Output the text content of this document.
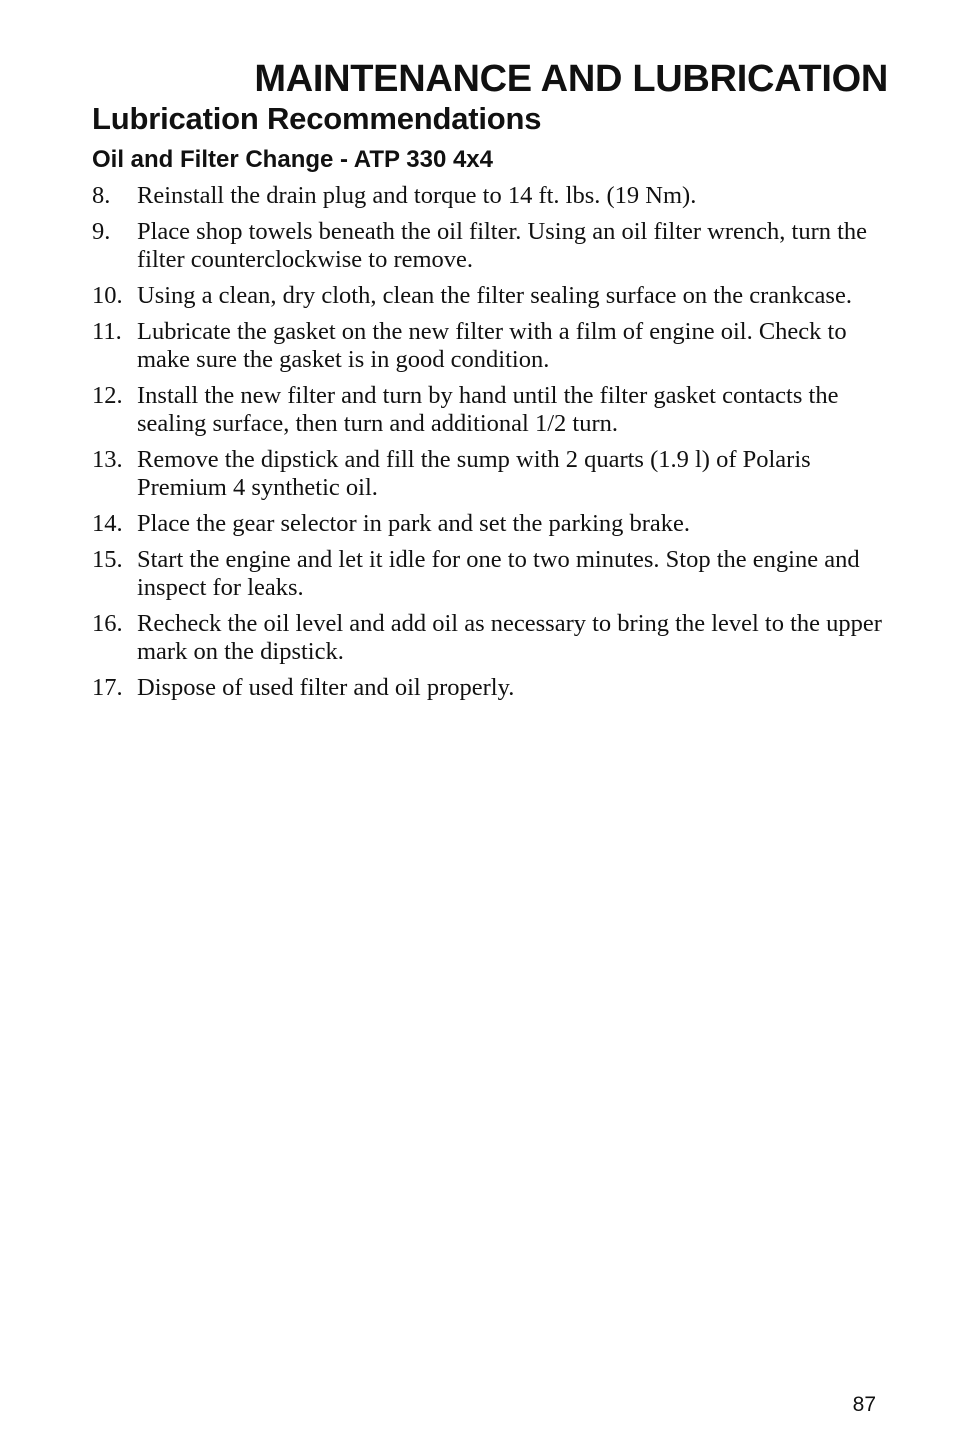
MAINTENANCE AND LUBRICATION
Lubrication Recommendations
Oil and Filter Change - ATP 330 4x4
8.	Reinstall the drain plug and torque to 14 ft. lbs. (19 Nm).
9.	Place shop towels beneath the oil filter. Using an oil filter wrench, turn the filter counterclockwise to remove.
10. Using a clean, dry cloth, clean the filter sealing surface on the crankcase.
11. Lubricate the gasket on the new filter with a film of engine oil. Check to make sure the gasket is in good condition.
12. Install the new filter and turn by hand until the filter gasket contacts the sealing surface, then turn and additional 1/2 turn.
13. Remove the dipstick and fill the sump with 2 quarts (1.9 l) of Polaris Premium 4 synthetic oil.
14. Place the gear selector in park and set the parking brake.
15. Start the engine and let it idle for one to two minutes. Stop the engine and inspect for leaks.
16. Recheck the oil level and add oil as necessary to bring the level to the upper mark on the dipstick.
17. Dispose of used filter and oil properly.
87
